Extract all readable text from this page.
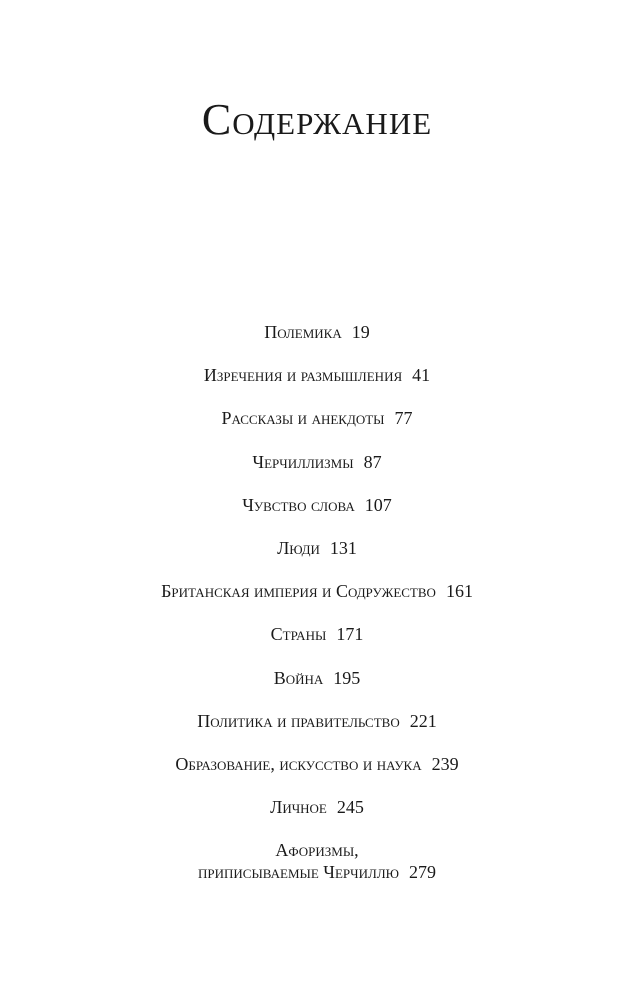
Содержание
Полемика 19
Изречения и размышления 41
Рассказы и анекдоты 77
Черчиллизмы 87
Чувство слова 107
Люди 131
Британская империя и Содружество 161
Страны 171
Война 195
Политика и правительство 221
Образование, искусство и наука 239
Личное 245
Афоризмы,
приписываемые Черчиллю 279
